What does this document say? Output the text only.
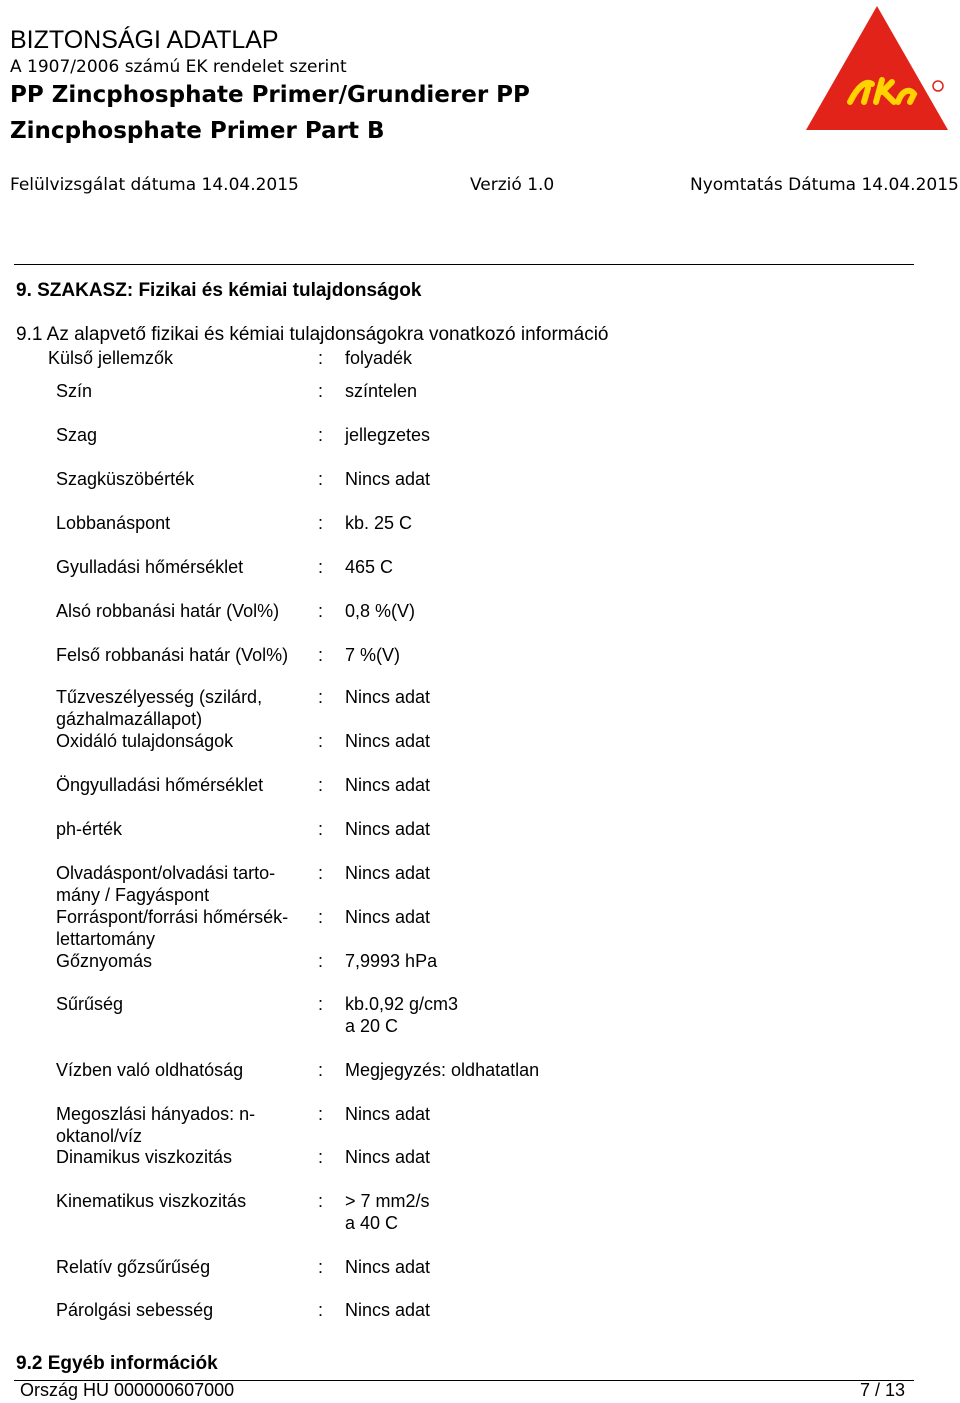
BIZTONSÁGI ADATLAP
A 1907/2006 számú EK rendelet szerint
PP Zincphosphate Primer/Grundierer PP
Zincphosphate Primer Part B
Felülvizsgálat dátuma 14.04.2015	Verzió 1.0	Nyomtatás Dátuma 14.04.2015
9. SZAKASZ: Fizikai és kémiai tulajdonságok
9.1 Az alapvető fizikai és kémiai tulajdonságokra vonatkozó információ
Külső jellemzők	: folyadék
Szín	: színtelen
Szag	: jellegzetes
Szagküszöbérték	: Nincs adat
Lobbanáspont	: kb. 25 C
Gyulladási hőmérséklet	: 465 C
Alsó robbanási határ (Vol%)	: 0,8 %(V)
Felső robbanási határ (Vol%)	: 7 %(V)
Tűzveszélyesség (szilárd, gázhalmazállapot)
: Nincs adat
Oxidáló tulajdonságok	: Nincs adat
Öngyulladási hőmérséklet	: Nincs adat
ph-érték	: Nincs adat
Olvadáspont/olvadási tarto- mány / Fagyáspont
: Nincs adat
Forráspont/forrási hőmérsék- lettartomány
: Nincs adat
Gőznyomás	: 7,9993 hPa
Sűrűség	: kb.0,92 g/cm3
a 20 C
Vízben való oldhatóság	: Megjegyzés: oldhatatlan
Megoszlási hányados: n- oktanol/víz
: Nincs adat
Dinamikus viszkozitás	: Nincs adat
Kinematikus viszkozitás	: > 7 mm2/s
a 40 C
Relatív gőzsűrűség	: Nincs adat
Párolgási sebesség	: Nincs adat
9.2 Egyéb információk
Ország HU 000000607000	7 / 13
